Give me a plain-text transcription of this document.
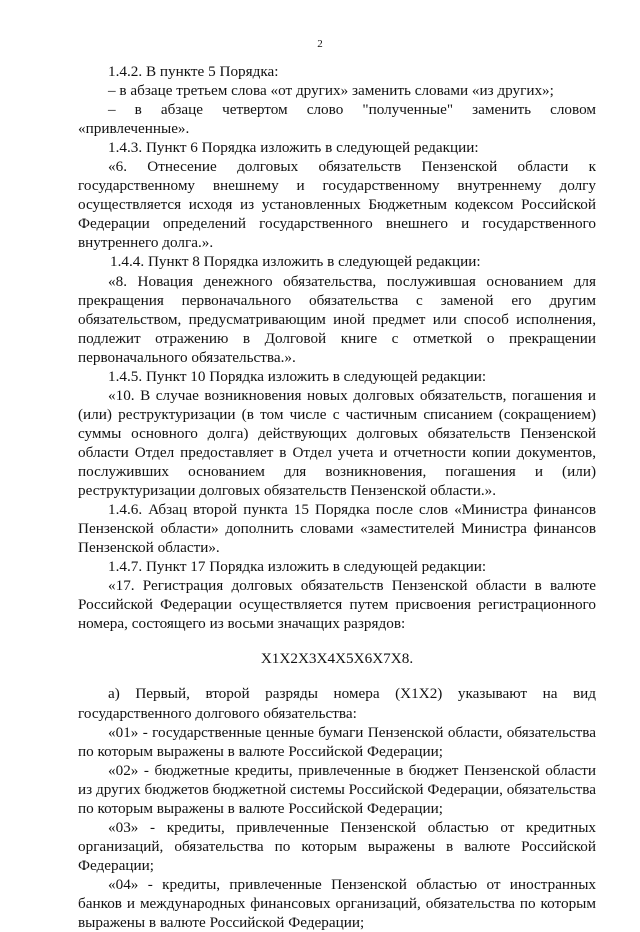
2
1.4.2. В пункте 5 Порядка:
– в абзаце третьем слова «от других» заменить словами «из других»;
– в абзаце четвертом слово "полученные" заменить словом
«привлеченные».
1.4.3. Пункт 6 Порядка изложить в следующей редакции:
«6. Отнесение долговых обязательств Пензенской области к
государственному внешнему и государственному внутреннему долгу
осуществляется исходя из установленных Бюджетным кодексом Российской
Федерации определений государственного внешнего и государственного
внутреннего долга.».
1.4.4. Пункт 8 Порядка изложить в следующей редакции:
«8. Новация денежного обязательства, послужившая основанием для
прекращения первоначального обязательства с заменой его другим
обязательством, предусматривающим иной предмет или способ исполнения,
подлежит отражению в Долговой книге с отметкой о прекращении
первоначального обязательства.».
1.4.5. Пункт 10 Порядка изложить в следующей редакции:
«10. В случае возникновения новых долговых обязательств, погашения и
(или) реструктуризации (в том числе с частичным списанием (сокращением)
суммы основного долга) действующих долговых обязательств Пензенской
области Отдел предоставляет в Отдел учета и отчетности копии документов,
послуживших основанием для возникновения, погашения и (или)
реструктуризации долговых обязательств Пензенской области.».
1.4.6. Абзац второй пункта 15 Порядка после слов «Министра финансов
Пензенской области» дополнить словами «заместителей Министра финансов
Пензенской области».
1.4.7. Пункт 17 Порядка изложить в следующей редакции:
«17. Регистрация долговых обязательств Пензенской области в валюте
Российской Федерации осуществляется путем присвоения регистрационного
номера, состоящего из восьми значащих разрядов:
X1X2X3X4X5X6X7X8.
а) Первый, второй разряды номера (X1X2) указывают на вид
государственного долгового обязательства:
«01» - государственные ценные бумаги Пензенской области, обязательства
по которым выражены в валюте Российской Федерации;
«02» - бюджетные кредиты, привлеченные в бюджет Пензенской области
из других бюджетов бюджетной системы Российской Федерации, обязательства
по которым выражены в валюте Российской Федерации;
«03» - кредиты, привлеченные Пензенской областью от кредитных
организаций, обязательства по которым выражены в валюте Российской
Федерации;
«04» - кредиты, привлеченные Пензенской областью от иностранных
банков и международных финансовых организаций, обязательства по которым
выражены в валюте Российской Федерации;
